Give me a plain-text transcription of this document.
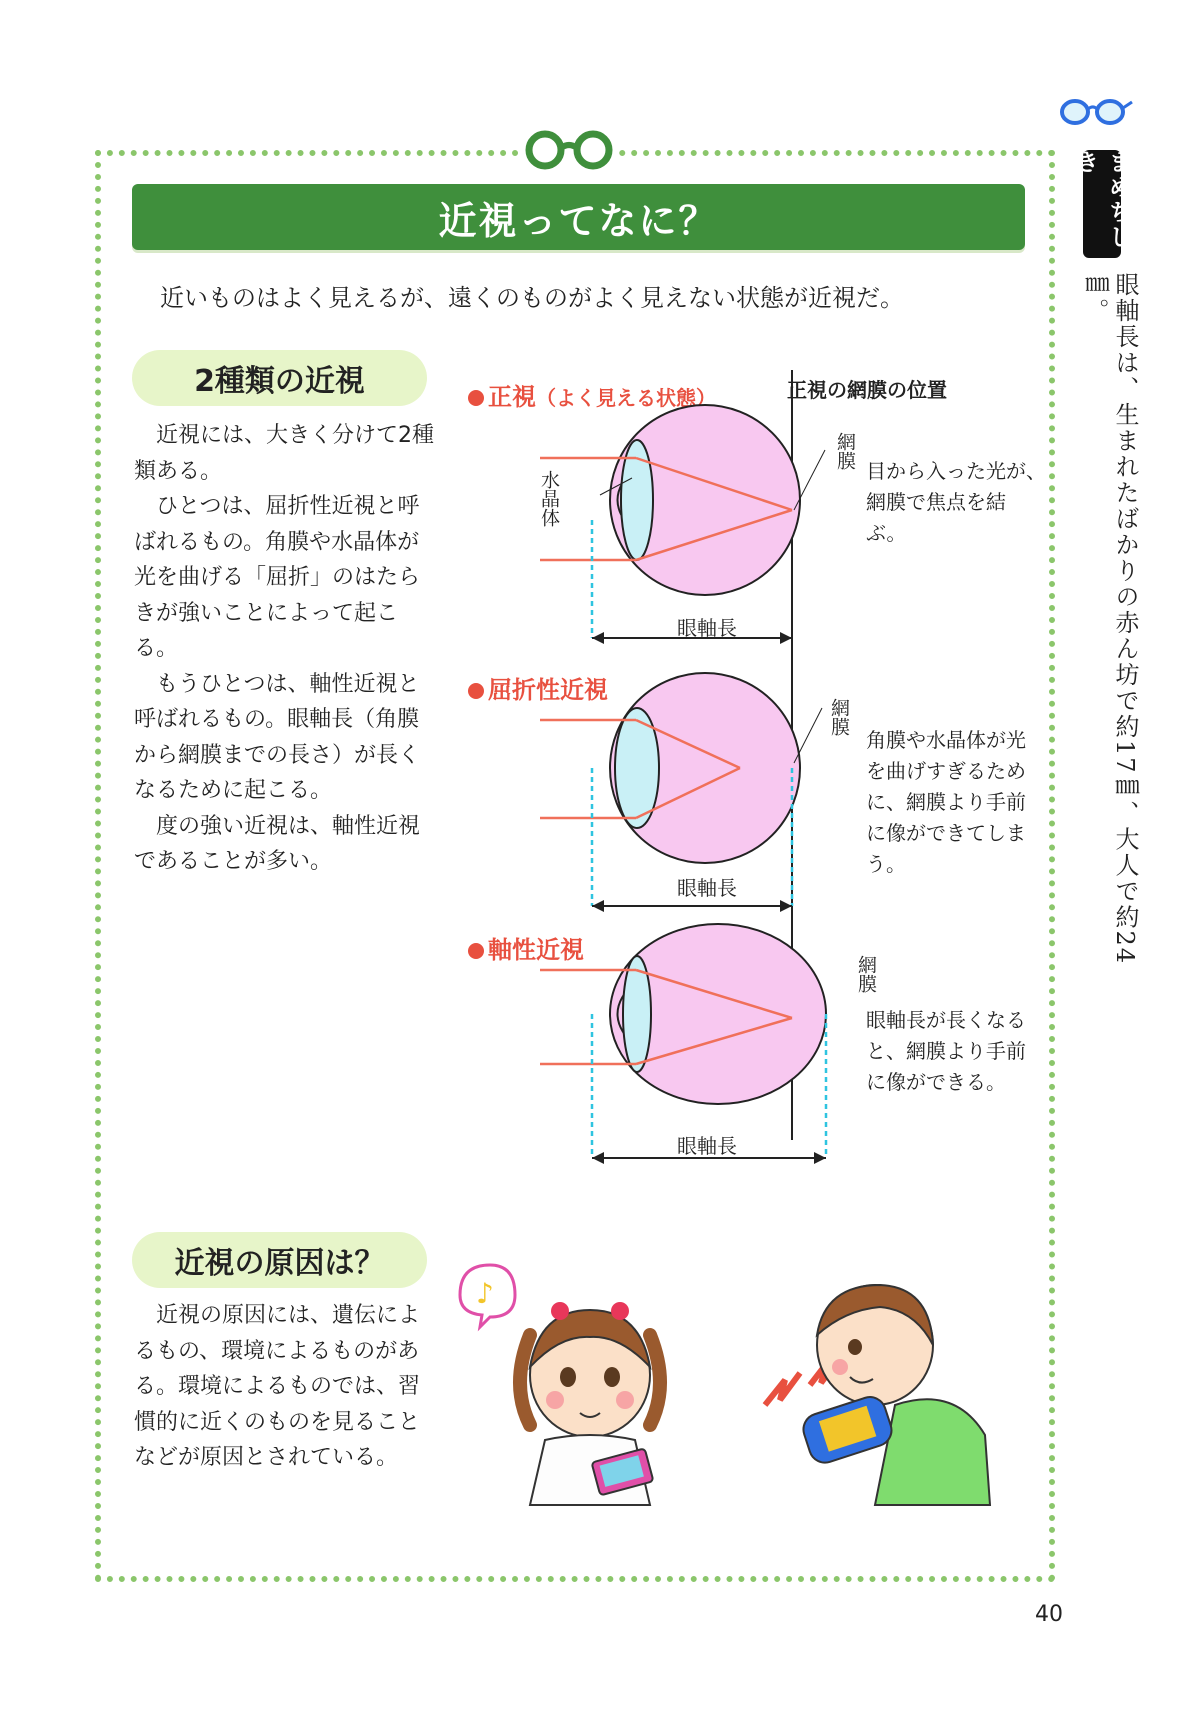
近視ってなに？
近いものはよく見えるが、遠くのものがよく見えない状態が近視だ。
2種類の近視

近視には、大きく分けて2種類ある。

ひとつは、屈折性近視と呼ばれるもの。角膜や水晶体が光を曲げる「屈折」のはたらきが強いことによって起こる。

もうひとつは、軸性近視と呼ばれるもの。眼軸長（角膜から網膜までの長さ）が長くなるために起こる。

度の強い近視は、軸性近視であることが多い。

正視の網膜の位置
正視（よく見える状態）
屈折性近視
軸性近視
水晶体
網膜
網膜
網膜
目から入った光が、網膜で焦点を結ぶ。
角膜や水晶体が光を曲げすぎるために、網膜より手前に像ができてしまう。
眼軸長が長くなると、網膜より手前に像ができる。
眼軸長
眼軸長
眼軸長
近視の原因は？

近視の原因には、遺伝によるもの、環境によるものがある。環境によるものでは、習慣的に近くのものを見ることなどが原因とされている。

♪
まめちしき
眼軸長は、生まれたばかりの赤ん坊で約17㎜、大人で約24㎜。
40
